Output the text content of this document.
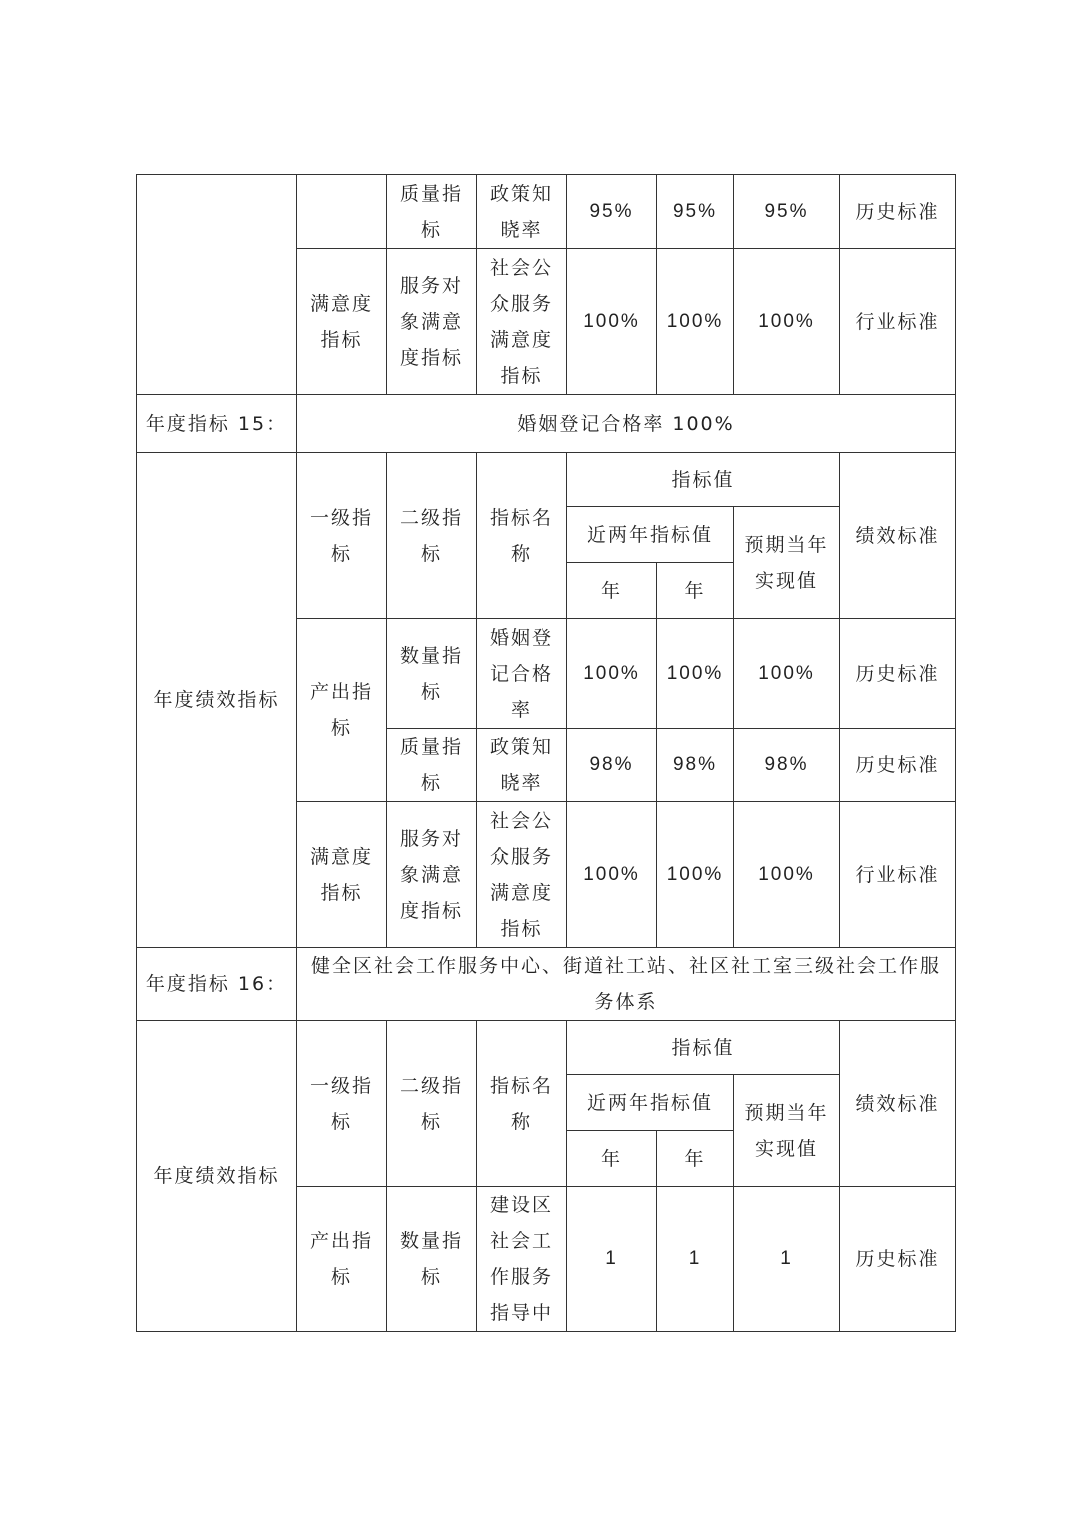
		质量指标	政策知晓率	95%	95%	95%	历史标准
	满意度指标	服务对象满意度指标	社会公众服务满意度指标	100%	100%	100%	行业标准
年度指标 15：	婚姻登记合格率 100%						
年度绩效指标	一级指标	二级指标	指标名称	指标值			绩效标准
				近两年指标值		预期当年实现值	
				年	年		
	产出指标	数量指标	婚姻登记合格率	100%	100%	100%	历史标准
		质量指标	政策知晓率	98%	98%	98%	历史标准
	满意度指标	服务对象满意度指标	社会公众服务满意度指标	100%	100%	100%	行业标准
年度指标 16：	健全区社会工作服务中心、街道社工站、社区社工室三级社会工作服务体系						
年度绩效指标	一级指标	二级指标	指标名称	指标值			绩效标准
				近两年指标值		预期当年实现值	
				年	年		
	产出指标	数量指标	建设区社会工作服务指导中	1	1	1	历史标准
